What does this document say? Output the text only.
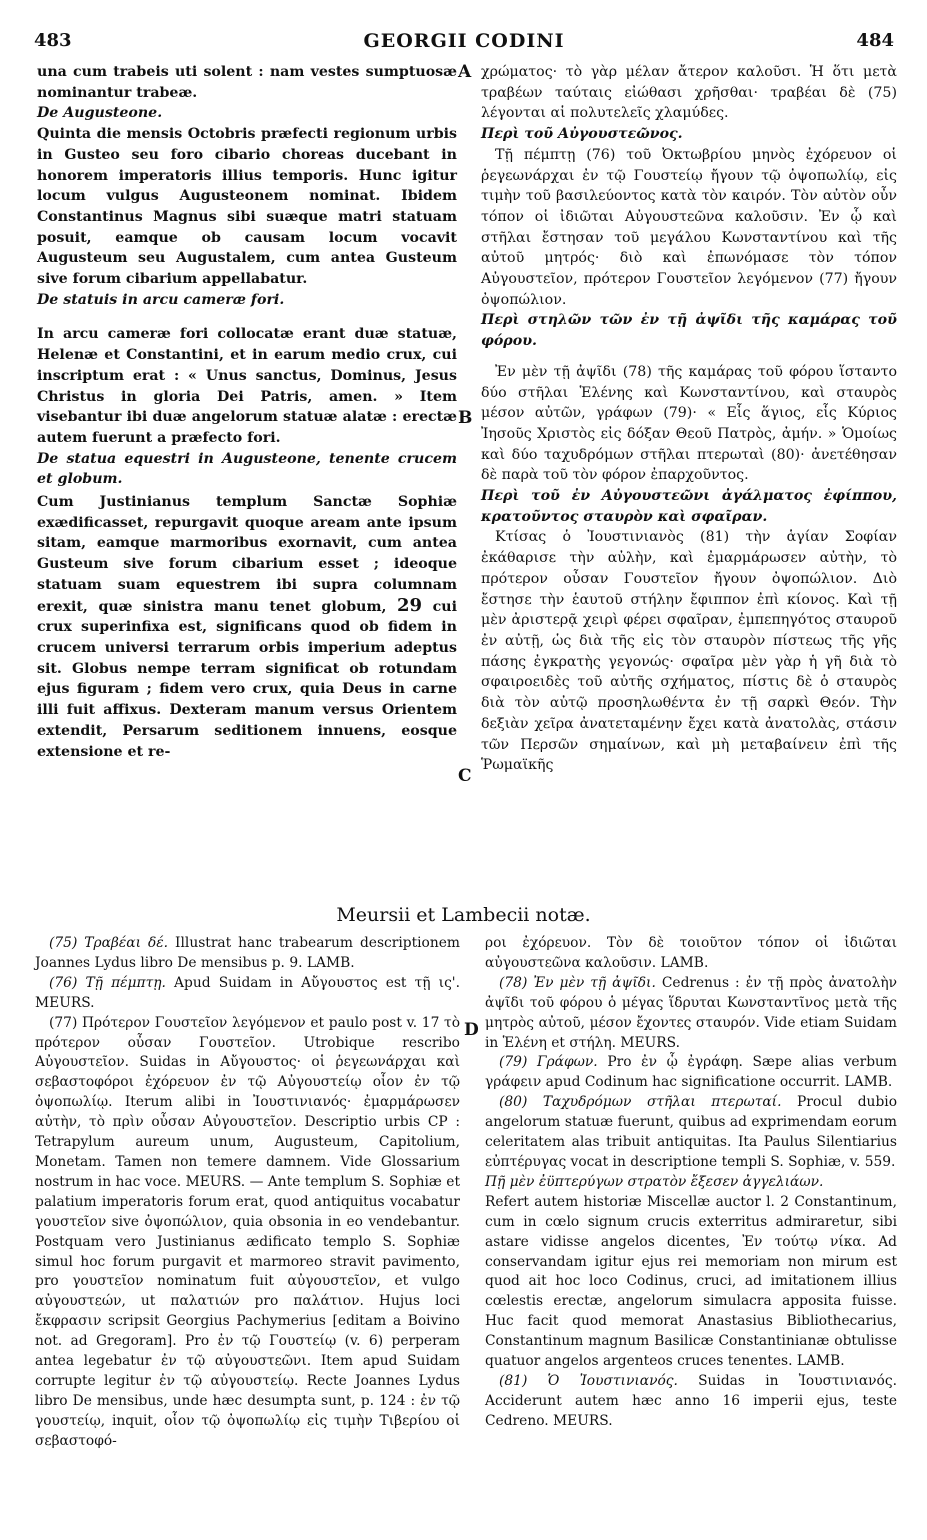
483	GEORGII CODINI	484

una cum trabeis uti solent : nam vestes sumptuosæ nominantur trabeæ.

De Augusteone.

Quinta die mensis Octobris præfecti regionum urbis in Gusteo seu foro cibario choreas ducebant in honorem imperatoris illius temporis. Hunc igitur locum vulgus Augusteonem nominat. Ibidem Constantinus Magnus sibi suæque matri statuam posuit, eamque ob causam locum vocavit Augusteum seu Augustalem, cum antea Gusteum sive forum cibarium appellabatur.

De statuis in arcu cameræ fori.

In arcu cameræ fori collocatæ erant duæ statuæ, Helenæ et Constantini, et in earum medio crux, cui inscriptum erat : « Unus sanctus, Dominus, Jesus Christus in gloria Dei Patris, amen. » Item visebantur ibi duæ angelorum statuæ alatæ : erectæ autem fuerunt a præfecto fori.

De statua equestri in Augusteone, tenente crucem et globum.

Cum Justinianus templum Sanctæ Sophiæ exædificasset, repurgavit quoque aream ante ipsum sitam, eamque marmoribus exornavit, cum antea Gusteum sive forum cibarium esset ; ideoque statuam suam equestrem ibi supra columnam erexit, quæ sinistra manu tenet globum, 29 cui crux superinfixa est, significans quod ob fidem in crucem universi terrarum orbis imperium adeptus sit. Globus nempe terram significat ob rotundam ejus figuram ; fidem vero crux, quia Deus in carne illi fuit affixus. Dexteram manum versus Orientem extendit, Persarum seditionem innuens, eosque extensione et re-

A
B
C
D

χρώματος· τὸ γὰρ μέλαν ἄτερον καλοῦσι. Ἡ ὅτι μετὰ τραβέων ταύταις εἰώθασι χρῆσθαι· τραβέαι δὲ (75) λέγονται αἱ πολυτελεῖς χλαμύδες.

Περὶ τοῦ Αὐγουστεῶνος.

Τῇ πέμπτῃ (76) τοῦ Ὀκτωβρίου μηνὸς ἐχόρευον οἱ ῥεγεωνάρχαι ἐν τῷ Γουστείῳ ἤγουν τῷ ὀψοπωλίῳ, εἰς τιμὴν τοῦ βασιλεύοντος κατὰ τὸν καιρόν. Τὸν αὐτὸν οὖν τόπον οἱ ἰδιῶται Αὐγουστεῶνα καλοῦσιν. Ἐν ᾧ καὶ στῆλαι ἔστησαν τοῦ μεγάλου Κωνσταντίνου καὶ τῆς αὐτοῦ μητρός· διὸ καὶ ἐπωνόμασε τὸν τόπον Αὐγουστεῖον, πρότερον Γουστεῖον λεγόμενον (77) ἤγουν ὀψοπώλιον.

Περὶ στηλῶν τῶν ἐν τῇ ἀψῖδι τῆς καμάρας τοῦ φόρου.

Ἐν μὲν τῇ ἀψῖδι (78) τῆς καμάρας τοῦ φόρου ἵσταντο δύο στῆλαι Ἑλένης καὶ Κωνσταντίνου, καὶ σταυρὸς μέσον αὐτῶν, γράφων (79)· « Εἷς ἅγιος, εἷς Κύριος Ἰησοῦς Χριστὸς εἰς δόξαν Θεοῦ Πατρὸς, ἀμήν. » Ὁμοίως καὶ δύο ταχυδρόμων στῆλαι πτερωταὶ (80)· ἀνετέθησαν δὲ παρὰ τοῦ τὸν φόρον ἐπαρχοῦντος.

Περὶ τοῦ ἐν Αὐγουστεῶνι ἀγάλματος ἐφίππου, κρατοῦντος σταυρὸν καὶ σφαῖραν.

Κτίσας ὁ Ἰουστινιανὸς (81) τὴν ἁγίαν Σοφίαν ἐκάθαρισε τὴν αὐλὴν, καὶ ἐμαρμάρωσεν αὐτὴν, τὸ πρότερον οὖσαν Γουστεῖον ἤγουν ὀψοπώλιον. Διὸ ἔστησε τὴν ἑαυτοῦ στήλην ἔφιππον ἐπὶ κίονος. Καὶ τῇ μὲν ἀριστερᾷ χειρὶ φέρει σφαῖραν, ἐμπεπηγότος σταυροῦ ἐν αὐτῇ, ὡς διὰ τῆς εἰς τὸν σταυρὸν πίστεως τῆς γῆς πάσης ἐγκρατὴς γεγονώς· σφαῖρα μὲν γὰρ ἡ γῆ διὰ τὸ σφαιροειδὲς τοῦ αὐτῆς σχήματος, πίστις δὲ ὁ σταυρὸς διὰ τὸν αὐτῷ προσηλωθέντα ἐν τῇ σαρκὶ Θεόν. Τὴν δεξιὰν χεῖρα ἀνατεταμένην ἔχει κατὰ ἀνατολὰς, στάσιν τῶν Περσῶν σημαίνων, καὶ μὴ μεταβαίνειν ἐπὶ τῆς Ῥωμαϊκῆς

Meursii et Lambecii notæ.

(75) Τραβέαι δέ. Illustrat hanc trabearum descriptionem Joannes Lydus libro De mensibus p. 9. LAMB.

(76) Τῇ πέμπτῃ. Apud Suidam in Αὔγουστος est τῇ ις'. MEURS.

(77) Πρότερον Γουστεῖον λεγόμενον et paulo post v. 17 τὸ πρότερον οὖσαν Γουστεῖον. Utrobique rescribo Αὐγουστεῖον. Suidas in Αὔγουστος· οἱ ῥεγεωνάρχαι καὶ σεβαστοφόροι ἐχόρευον ἐν τῷ Αὐγουστείῳ οἷον ἐν τῷ ὀψοπωλίῳ. Iterum alibi in Ἰουστινιανός· ἐμαρμάρωσεν αὐτὴν, τὸ πρὶν οὖσαν Αὐγουστεῖον. Descriptio urbis CP : Tetrapylum aureum unum, Augusteum, Capitolium, Monetam. Tamen non temere damnem. Vide Glossarium nostrum in hac voce. MEURS. — Ante templum S. Sophiæ et palatium imperatoris forum erat, quod antiquitus vocabatur γουστεῖον sive ὀψοπώλιον, quia obsonia in eo vendebantur. Postquam vero Justinianus ædificato templo S. Sophiæ simul hoc forum purgavit et marmoreo stravit pavimento, pro γουστεῖον nominatum fuit αὐγουστεῖον, et vulgo αὐγουστεών, ut παλατιών pro παλάτιον. Hujus loci ἔκφρασιν scripsit Georgius Pachymerius [editam a Boivino not. ad Gregoram]. Pro ἐν τῷ Γουστείῳ (v. 6) perperam antea legebatur ἐν τῷ αὐγουστεῶνι. Item apud Suidam corrupte legitur ἐν τῷ αὐγουστείῳ. Recte Joannes Lydus libro De mensibus, unde hæc desumpta sunt, p. 124 : ἐν τῷ γουστείῳ, inquit, οἷον τῷ ὀψοπωλίῳ εἰς τιμὴν Τιβερίου οἱ σεβαστοφό-

ροι ἐχόρευον. Τὸν δὲ τοιοῦτον τόπον οἱ ἰδιῶται αὐγουστεῶνα καλοῦσιν. LAMB.

(78) Ἐν μὲν τῇ ἀψῖδι. Cedrenus : ἐν τῇ πρὸς ἀνατολὴν ἀψῖδι τοῦ φόρου ὁ μέγας ἵδρυται Κωνσταντῖνος μετὰ τῆς μητρὸς αὐτοῦ, μέσον ἔχοντες σταυρόν. Vide etiam Suidam in Ἑλένη et στήλη. MEURS.

(79) Γράφων. Pro ἐν ᾧ ἐγράφη. Sæpe alias verbum γράφειν apud Codinum hac significatione occurrit. LAMB.

(80) Ταχυδρόμων στῆλαι πτερωταί. Procul dubio angelorum statuæ fuerunt, quibus ad exprimendam eorum celeritatem alas tribuit antiquitas. Ita Paulus Silentiarius εὐπτέρυγας vocat in descriptione templi S. Sophiæ, v. 559.

Πῇ μὲν ἐϋπτερύγων στρατὸν ἔξεσεν ἀγγελιάων.

Refert autem historiæ Miscellæ auctor l. 2 Constantinum, cum in cœlo signum crucis exterritus admiraretur, sibi astare vidisse angelos dicentes, Ἐν τούτῳ νίκα. Ad conservandam igitur ejus rei memoriam non mirum est quod ait hoc loco Codinus, cruci, ad imitationem illius cœlestis erectæ, angelorum simulacra apposita fuisse. Huc facit quod memorat Anastasius Bibliothecarius, Constantinum magnum Basilicæ Constantinianæ obtulisse quatuor angelos argenteos cruces tenentes. LAMB.

(81) Ὁ Ἰουστινιανός. Suidas in Ἰουστινιανός. Acciderunt autem hæc anno 16 imperii ejus, teste Cedreno. MEURS.
